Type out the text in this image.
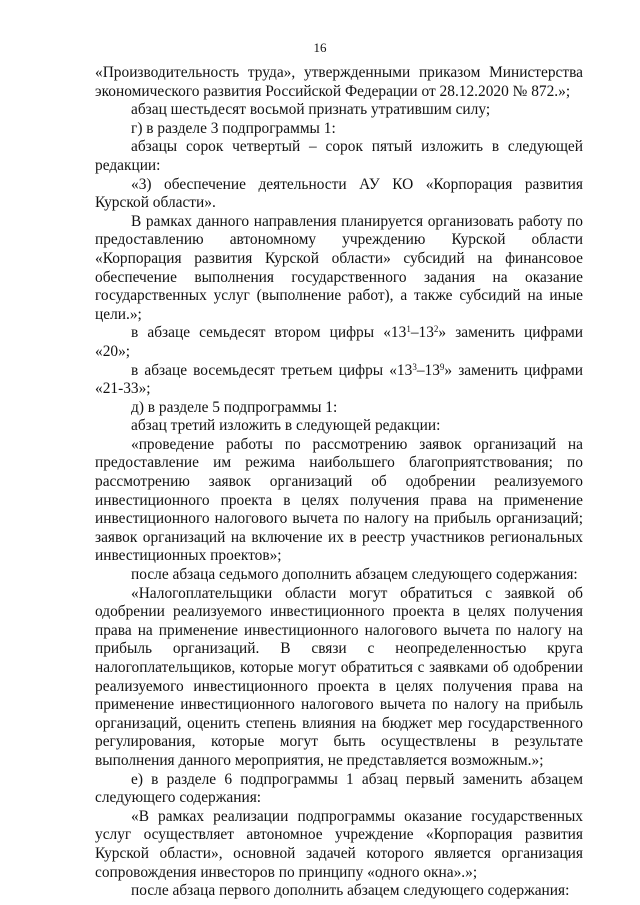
16

«Производительность труда», утвержденными приказом Министерства экономического развития Российской Федерации от 28.12.2020 № 872.»;

абзац шестьдесят восьмой признать утратившим силу;

г) в разделе 3 подпрограммы 1:

абзацы сорок четвертый – сорок пятый изложить в следующей редакции:

«3) обеспечение деятельности АУ КО «Корпорация развития Курской области».

В рамках данного направления планируется организовать работу по предоставлению автономному учреждению Курской области «Корпорация развития Курской области» субсидий на финансовое обеспечение выполнения государственного задания на оказание государственных услуг (выполнение работ), а также субсидий на иные цели.»;

в абзаце семьдесят втором цифры «$13^1-13^2$» заменить цифрами «20»;

в абзаце восемьдесят третьем цифры «$13^3-13^9$» заменить цифрами «21-33»;

д) в разделе 5 подпрограммы 1:

абзац третий изложить в следующей редакции:

«проведение работы по рассмотрению заявок организаций на предоставление им режима наибольшего благоприятствования; по рассмотрению заявок организаций об одобрении реализуемого инвестиционного проекта в целях получения права на применение инвестиционного налогового вычета по налогу на прибыль организаций; заявок организаций на включение их в реестр участников региональных инвестиционных проектов»;

после абзаца седьмого дополнить абзацем следующего содержания:

«Налогоплательщики области могут обратиться с заявкой об одобрении реализуемого инвестиционного проекта в целях получения права на применение инвестиционного налогового вычета по налогу на прибыль организаций. В связи с неопределенностью круга налогоплательщиков, которые могут обратиться с заявками об одобрении реализуемого инвестиционного проекта в целях получения права на применение инвестиционного налогового вычета по налогу на прибыль организаций, оценить степень влияния на бюджет мер государственного регулирования, которые могут быть осуществлены в результате выполнения данного мероприятия, не представляется возможным.»;

е) в разделе 6 подпрограммы 1 абзац первый заменить абзацем следующего содержания:

«В рамках реализации подпрограммы оказание государственных услуг осуществляет автономное учреждение «Корпорация развития Курской области», основной задачей которого является организация сопровождения инвесторов по принципу «одного окна».»;

после абзаца первого дополнить абзацем следующего содержания:
